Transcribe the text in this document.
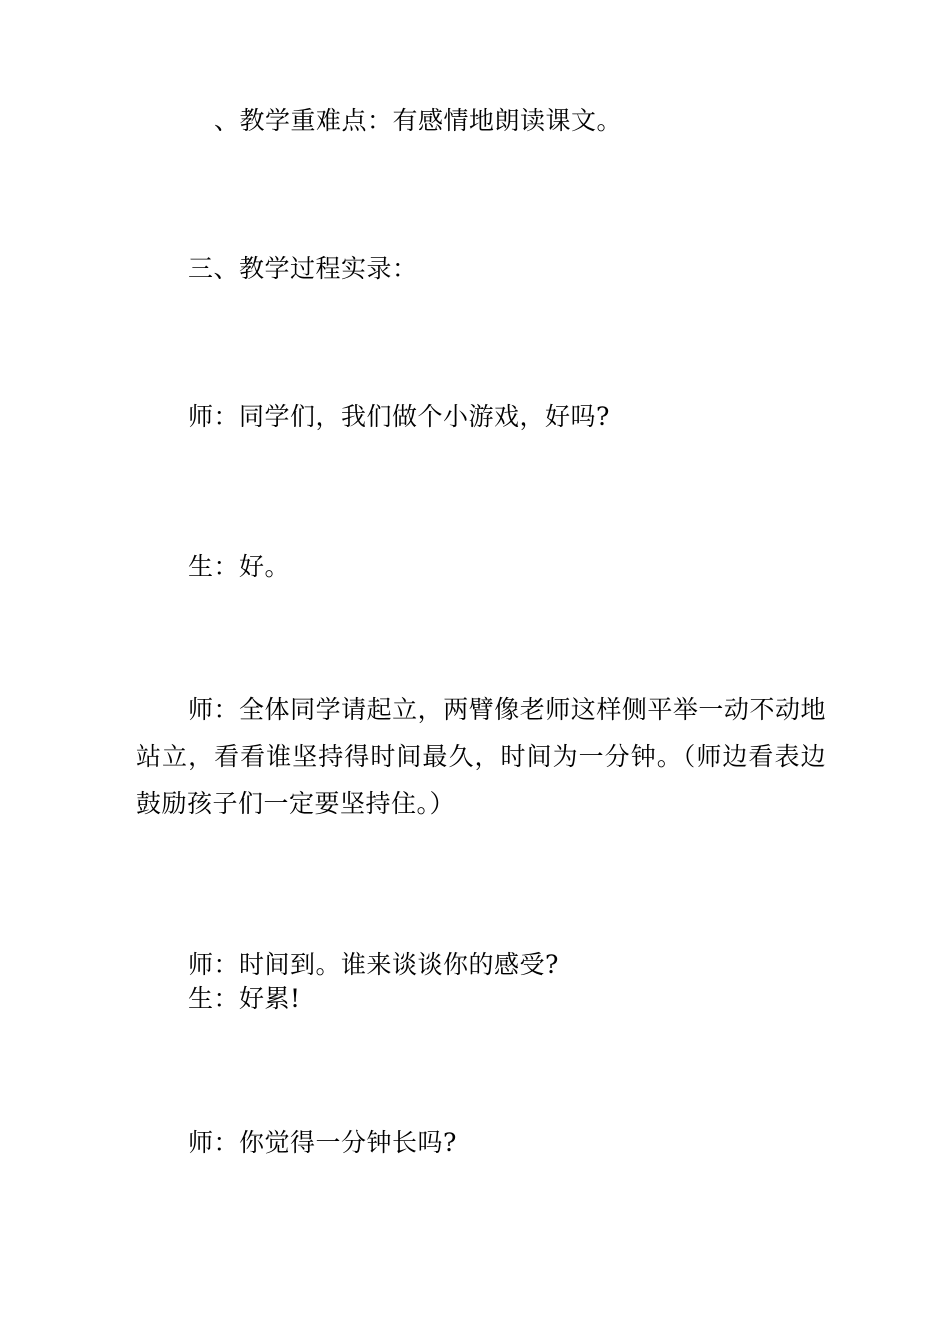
、教学重难点：有感情地朗读课文。
三、教学过程实录：
师：同学们，我们做个小游戏，好吗?
生：好。
师：全体同学请起立，两臂像老师这样侧平举一动不动地站立，看看谁坚持得时间最久，时间为一分钟。（师边看表边鼓励孩子们一定要坚持住。）
师：时间到。谁来谈谈你的感受?
生：好累!
师：你觉得一分钟长吗?
